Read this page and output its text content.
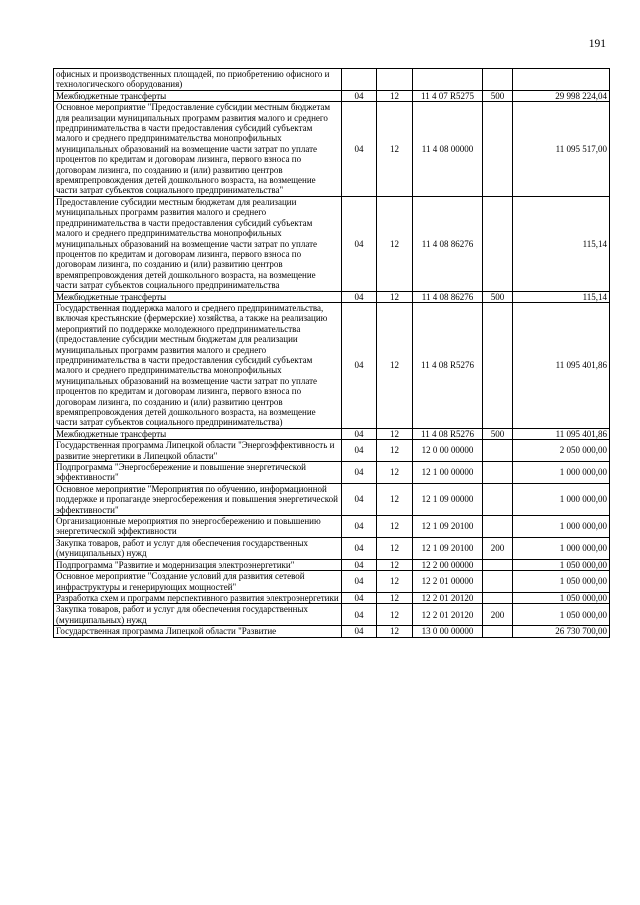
191
офисных и производственных площадей, по приобретению офисного и технологического оборудования)					
Межбюджетные трансферты	04	12	11 4 07 R5275	500	29 998 224,04
Основное мероприятие "Предоставление субсидии местным бюджетам для реализации муниципальных программ развития малого и среднего предпринимательства в части предоставления субсидий субъектам малого и среднего предпринимательства монопрофильных муниципальных образований на возмещение части затрат по уплате процентов по кредитам и договорам лизинга, первого взноса по договорам лизинга, по созданию и (или) развитию центров времяпрепровождения детей дошкольного возраста, на возмещение части затрат субъектов социального предпринимательства"	04	12	11 4 08 00000		11 095 517,00
Предоставление субсидии местным бюджетам для реализации муниципальных программ развития малого и среднего предпринимательства в части предоставления субсидий субъектам малого и среднего предпринимательства монопрофильных муниципальных образований на возмещение части затрат по уплате процентов по кредитам и договорам лизинга, первого взноса по договорам лизинга, по созданию и (или) развитию центров времяпрепровождения детей дошкольного возраста, на возмещение части затрат субъектов социального предпринимательства	04	12	11 4 08 86276		115,14
Межбюджетные трансферты	04	12	11 4 08 86276	500	115,14
Государственная поддержка малого и среднего предпринимательства, включая крестьянские (фермерские) хозяйства, а также на реализацию мероприятий по поддержке молодежного предпринимательства (предоставление субсидии местным бюджетам для реализации муниципальных программ развития малого и среднего предпринимательства в части предоставления субсидий субъектам малого и среднего предпринимательства монопрофильных муниципальных образований на возмещение части затрат по уплате процентов по кредитам и договорам лизинга, первого взноса по договорам лизинга, по созданию и (или) развитию центров времяпрепровождения детей дошкольного возраста, на возмещение части затрат субъектов социального предпринимательства)	04	12	11 4 08 R5276		11 095 401,86
Межбюджетные трансферты	04	12	11 4 08 R5276	500	11 095 401,86
Государственная программа Липецкой области "Энергоэффективность и развитие энергетики в Липецкой области"	04	12	12 0 00 00000		2 050 000,00
Подпрограмма "Энергосбережение и повышение энергетической эффективности"	04	12	12 1 00 00000		1 000 000,00
Основное мероприятие "Мероприятия по обучению, информационной поддержке и пропаганде энергосбережения и повышения энергетической эффективности"	04	12	12 1 09 00000		1 000 000,00
Организационные мероприятия по энергосбережению и повышению энергетической эффективности	04	12	12 1 09 20100		1 000 000,00
Закупка товаров, работ и услуг для обеспечения государственных (муниципальных) нужд	04	12	12 1 09 20100	200	1 000 000,00
Подпрограмма "Развитие и модернизация электроэнергетики"	04	12	12 2 00 00000		1 050 000,00
Основное мероприятие "Создание условий для развития сетевой инфраструктуры и генерирующих мощностей"	04	12	12 2 01 00000		1 050 000,00
Разработка схем и программ перспективного развития электроэнергетики	04	12	12 2 01 20120		1 050 000,00
Закупка товаров, работ и услуг для обеспечения государственных (муниципальных) нужд	04	12	12 2 01 20120	200	1 050 000,00
Государственная программа Липецкой области "Развитие	04	12	13 0 00 00000		26 730 700,00
